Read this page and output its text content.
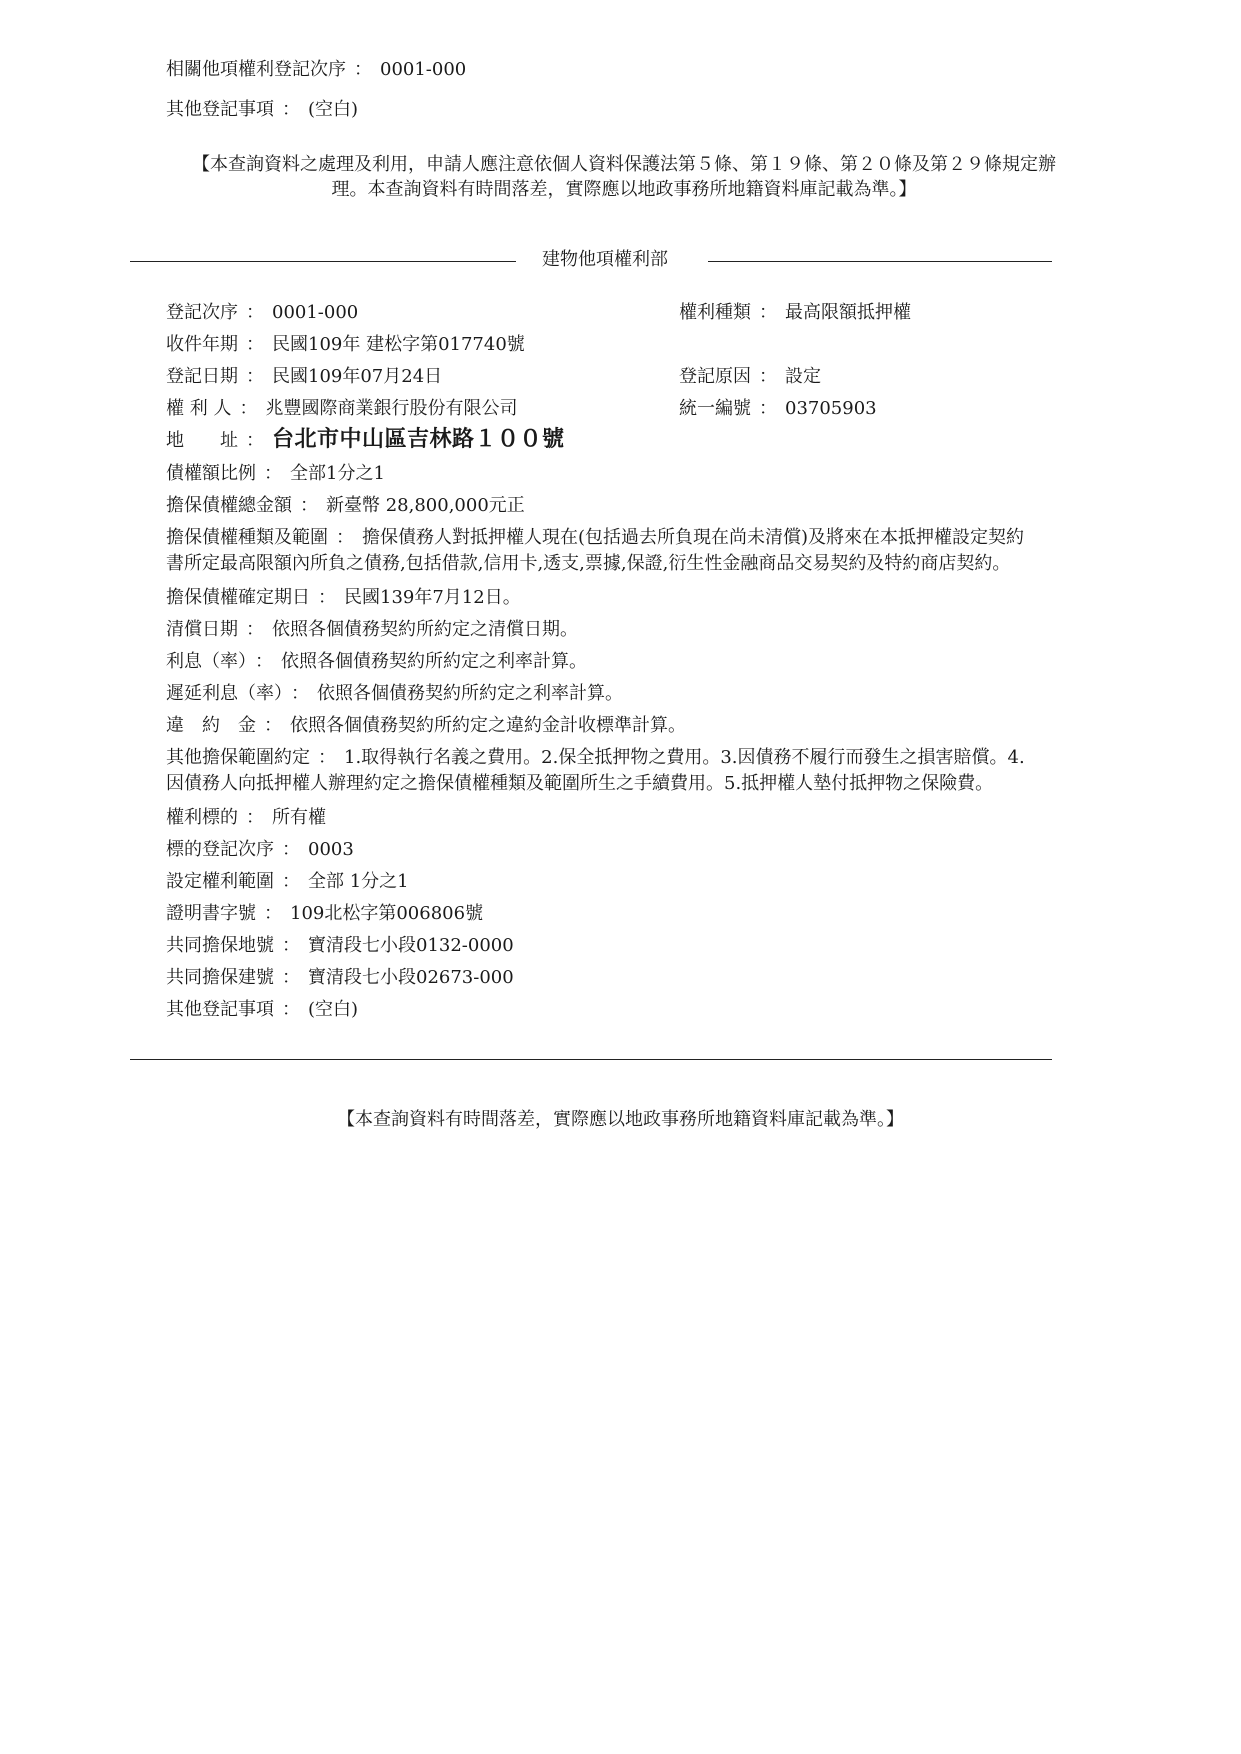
相關他項權利登記次序 ： 0001-000
其他登記事項 ： (空白)
【本查詢資料之處理及利用，申請人應注意依個人資料保護法第５條、第１９條、第２０條及第２９條規定辦
理。本查詢資料有時間落差，實際應以地政事務所地籍資料庫記載為準。】
建物他項權利部
登記次序 ： 0001-000	權利種類 ： 最高限額抵押權
收件年期 ： 民國109年 建松字第017740號
登記日期 ： 民國109年07月24日	登記原因 ： 設定
權 利 人 ： 兆豐國際商業銀行股份有限公司	統一編號 ： 03705903
地　　址 ： 台北市中山區吉林路１００號
債權額比例 ： 全部1分之1
擔保債權總金額 ： 新臺幣 28,800,000元正
擔保債權種類及範圍 ： 擔保債務人對抵押權人現在(包括過去所負現在尚未清償)及將來在本抵押權設定契約
書所定最高限額內所負之債務,包括借款,信用卡,透支,票據,保證,衍生性金融商品交易契約及特約商店契約。
擔保債權確定期日 ： 民國139年7月12日。
清償日期 ： 依照各個債務契約所約定之清償日期。
利息（率） ： 依照各個債務契約所約定之利率計算。
遲延利息（率） ： 依照各個債務契約所約定之利率計算。
違　約　金 ： 依照各個債務契約所約定之違約金計收標準計算。
其他擔保範圍約定 ： 1.取得執行名義之費用。2.保全抵押物之費用。3.因債務不履行而發生之損害賠償。4.
因債務人向抵押權人辦理約定之擔保債權種類及範圍所生之手續費用。5.抵押權人墊付抵押物之保險費。
權利標的 ： 所有權
標的登記次序 ： 0003
設定權利範圍 ： 全部 1分之1
證明書字號 ： 109北松字第006806號
共同擔保地號 ： 寶清段七小段0132-0000
共同擔保建號 ： 寶清段七小段02673-000
其他登記事項 ： (空白)
【本查詢資料有時間落差，實際應以地政事務所地籍資料庫記載為準。】
